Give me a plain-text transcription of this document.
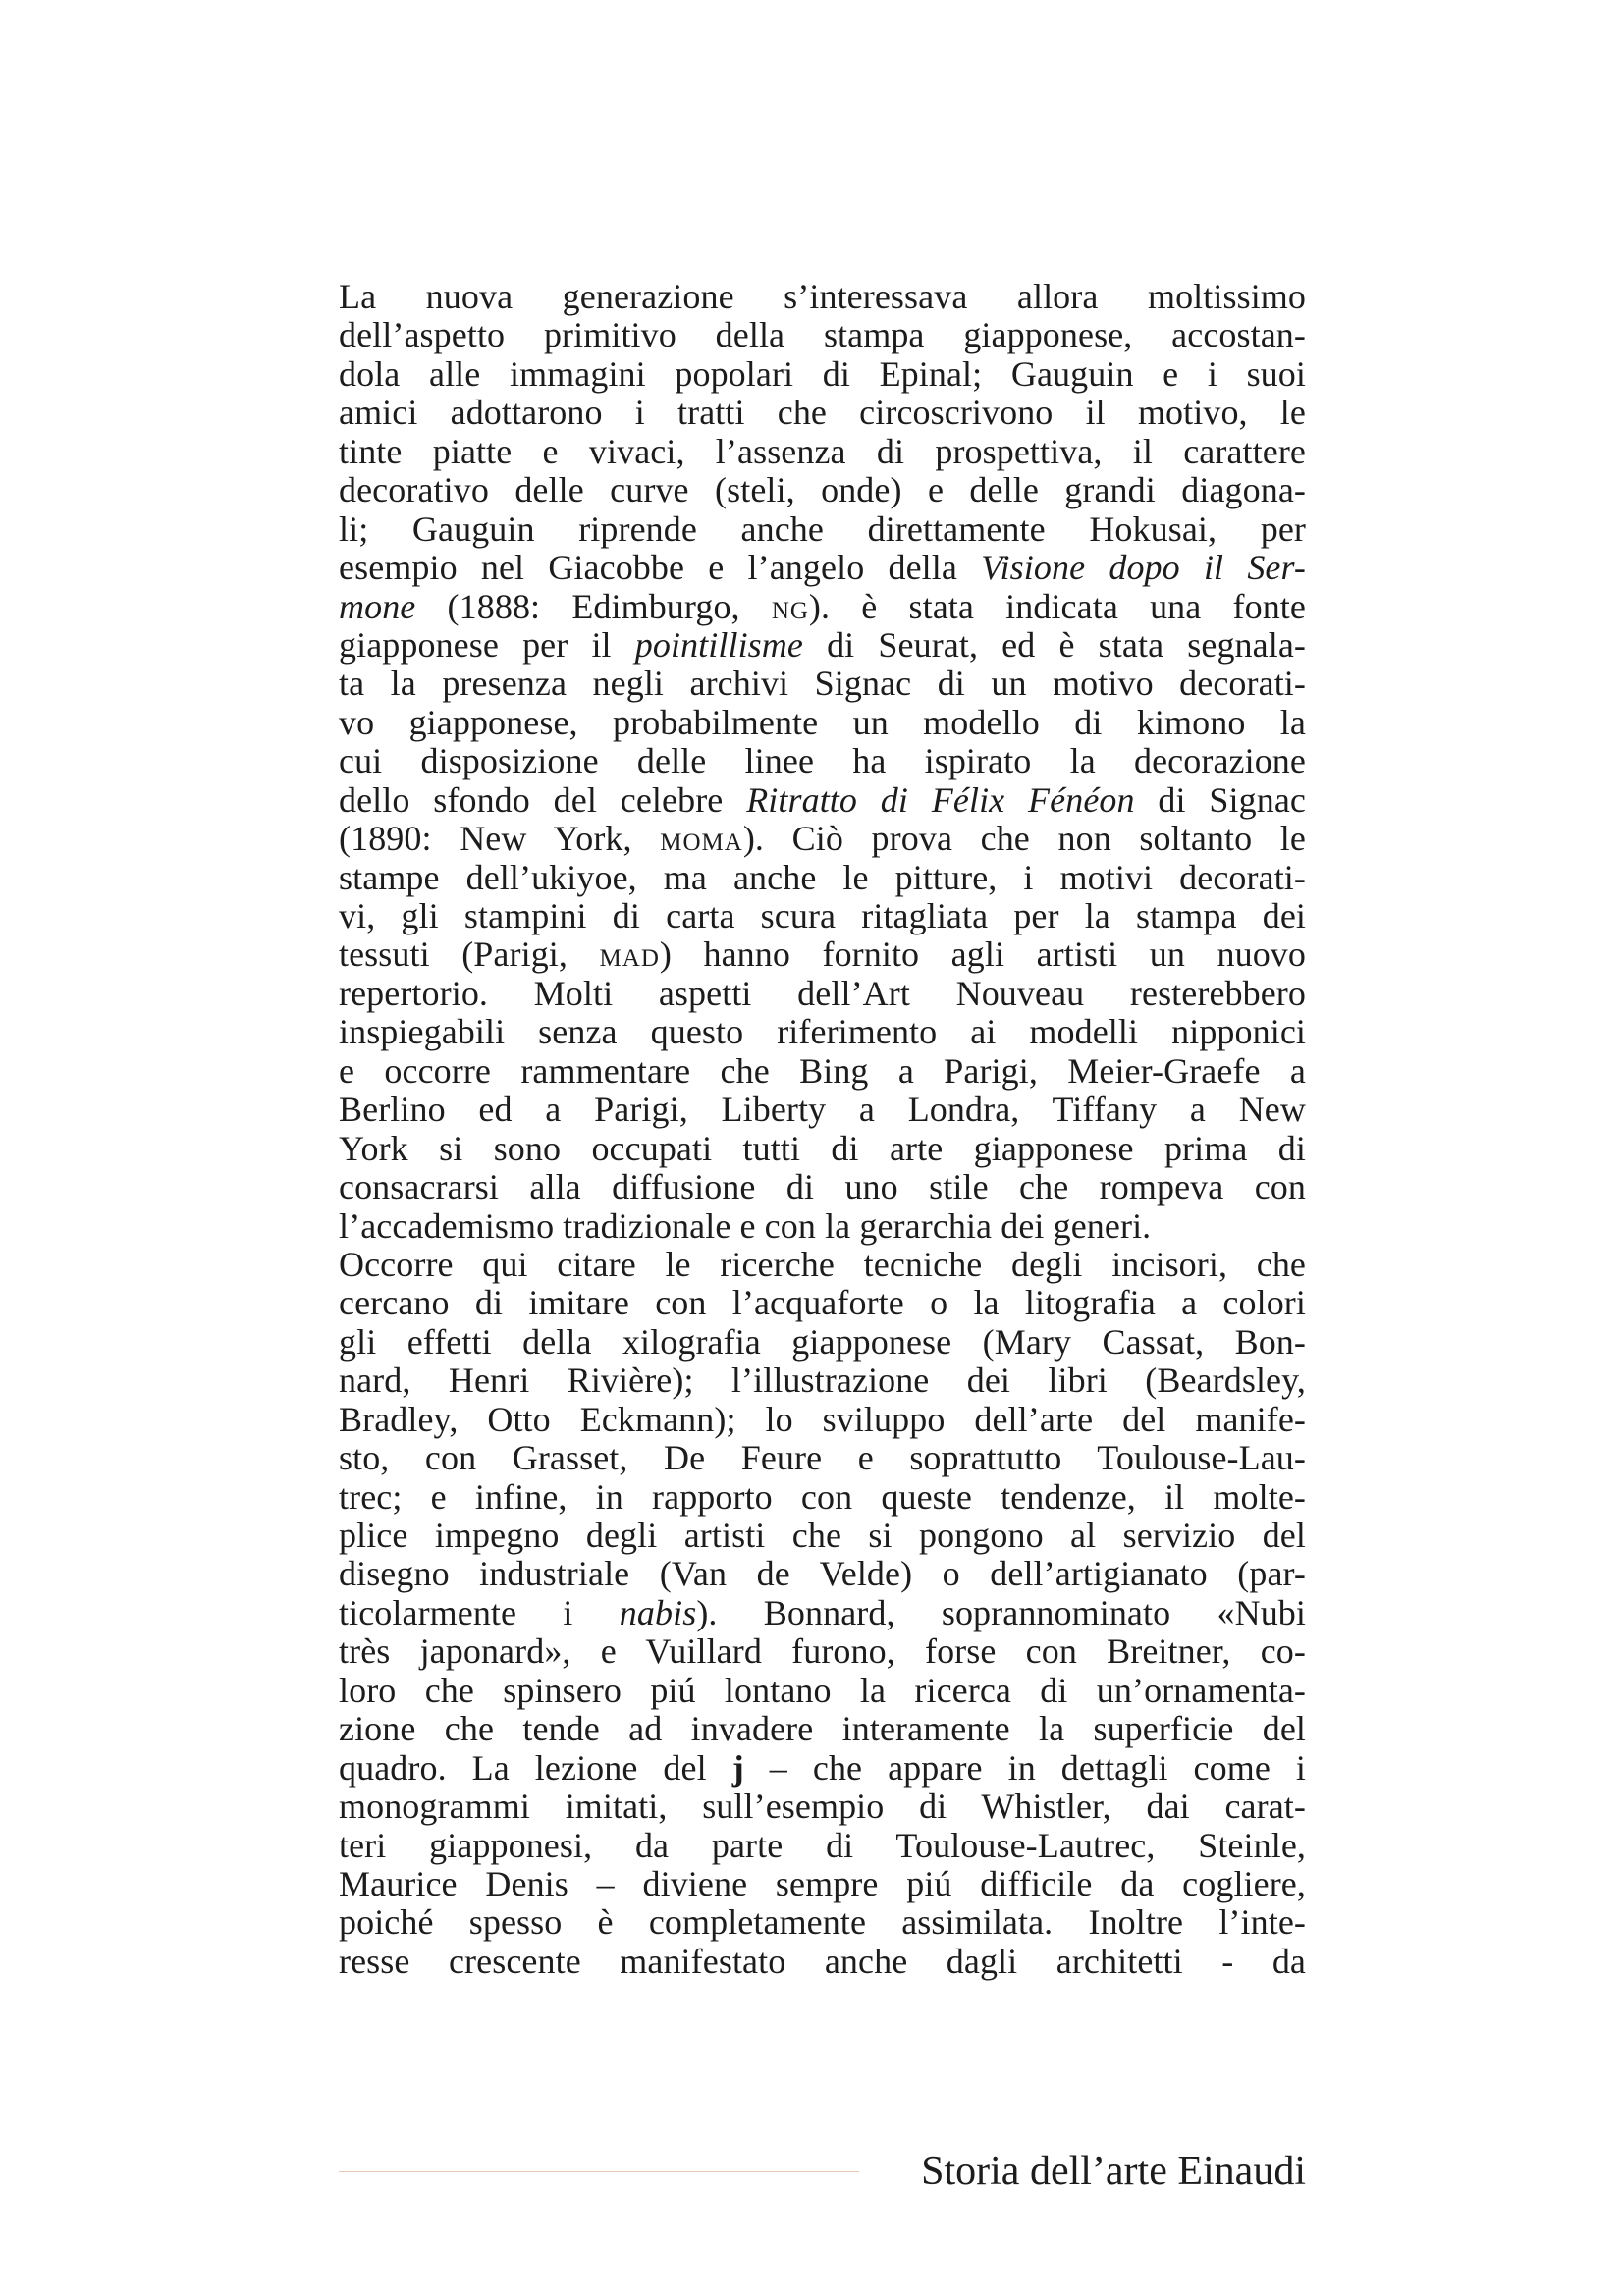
La nuova generazione s’interessava allora moltissimo
dell’aspetto primitivo della stampa giapponese, accostan-
dola alle immagini popolari di Epinal; Gauguin e i suoi
amici adottarono i tratti che circoscrivono il motivo, le
tinte piatte e vivaci, l’assenza di prospettiva, il carattere
decorativo delle curve (steli, onde) e delle grandi diagona-
li; Gauguin riprende anche direttamente Hokusai, per
esempio nel Giacobbe e l’angelo della Visione dopo il Ser-
mone (1888: Edimburgo, ng). è stata indicata una fonte
giapponese per il pointillisme di Seurat, ed è stata segnala-
ta la presenza negli archivi Signac di un motivo decorati-
vo giapponese, probabilmente un modello di kimono la
cui disposizione delle linee ha ispirato la decorazione
dello sfondo del celebre Ritratto di Félix Fénéon di Signac
(1890: New York, moma). Ciò prova che non soltanto le
stampe dell’ukiyoe, ma anche le pitture, i motivi decorati-
vi, gli stampini di carta scura ritagliata per la stampa dei
tessuti (Parigi, mad) hanno fornito agli artisti un nuovo
repertorio. Molti aspetti dell’Art Nouveau resterebbero
inspiegabili senza questo riferimento ai modelli nipponici
e occorre rammentare che Bing a Parigi, Meier-Graefe a
Berlino ed a Parigi, Liberty a Londra, Tiffany a New
York si sono occupati tutti di arte giapponese prima di
consacrarsi alla diffusione di uno stile che rompeva con
l’accademismo tradizionale e con la gerarchia dei generi.
Occorre qui citare le ricerche tecniche degli incisori, che
cercano di imitare con l’acquaforte o la litografia a colori
gli effetti della xilografia giapponese (Mary Cassat, Bon-
nard, Henri Rivière); l’illustrazione dei libri (Beardsley,
Bradley, Otto Eckmann); lo sviluppo dell’arte del manife-
sto, con Grasset, De Feure e soprattutto Toulouse-Lau-
trec; e infine, in rapporto con queste tendenze, il molte-
plice impegno degli artisti che si pongono al servizio del
disegno industriale (Van de Velde) o dell’artigianato (par-
ticolarmente i nabis). Bonnard, soprannominato «Nubi
très japonard», e Vuillard furono, forse con Breitner, co-
loro che spinsero piú lontano la ricerca di un’ornamenta-
zione che tende ad invadere interamente la superficie del
quadro. La lezione del j – che appare in dettagli come i
monogrammi imitati, sull’esempio di Whistler, dai carat-
teri giapponesi, da parte di Toulouse-Lautrec, Steinle,
Maurice Denis – diviene sempre piú difficile da cogliere,
poiché spesso è completamente assimilata. Inoltre l’inte-
resse crescente manifestato anche dagli architetti - da
Storia dell’arte Einaudi
